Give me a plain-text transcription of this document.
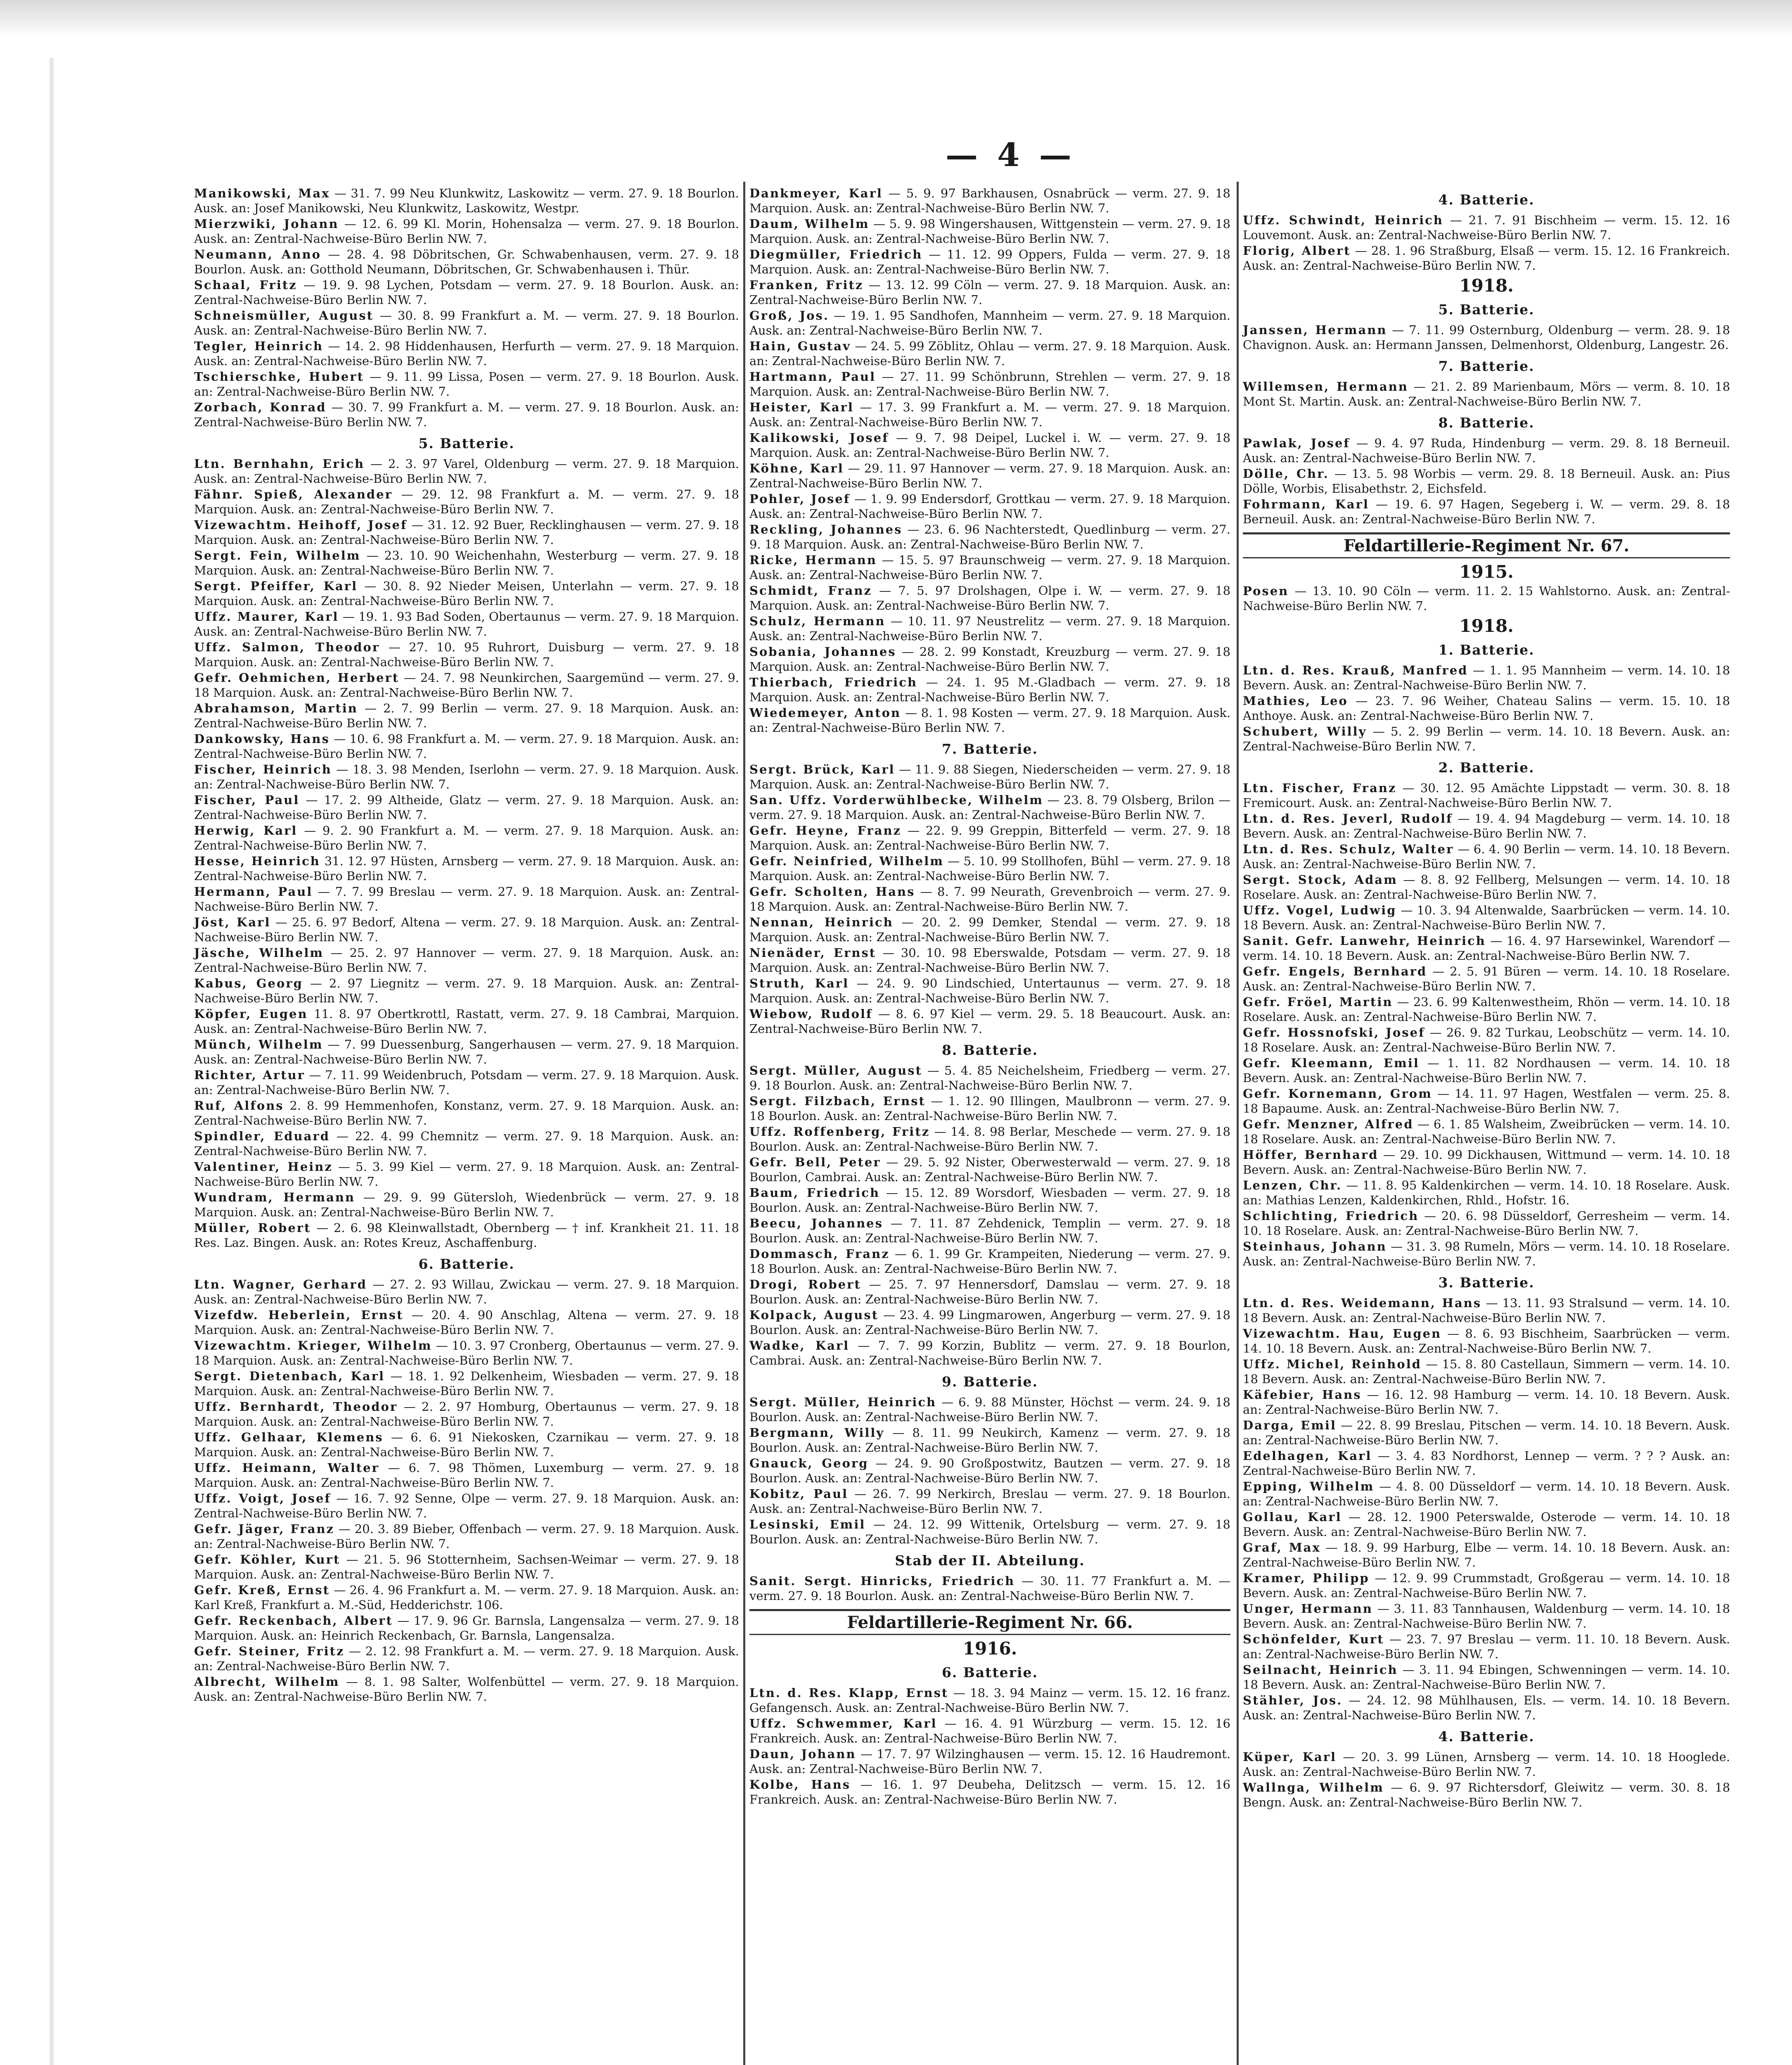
— 4 —
Manikowski, Max — 31. 7. 99 Neu Klunkwitz, Laskowitz — verm. 27. 9. 18 Bourlon. Ausk. an: Josef Manikowski, Neu Klunkwitz, Laskowitz, Westpr.
Mierzwiki, Johann — 12. 6. 99 Kl. Morin, Hohensalza — verm. 27. 9. 18 Bourlon. Ausk. an: Zentral-Nachweise-Büro Berlin NW. 7.
Neumann, Anno — 28. 4. 98 Döbritschen, Gr. Schwabenhausen, verm. 27. 9. 18 Bourlon. Ausk. an: Gotthold Neumann, Döbritschen, Gr. Schwabenhausen i. Thür.
Schaal, Fritz — 19. 9. 98 Lychen, Potsdam — verm. 27. 9. 18 Bourlon. Ausk. an: Zentral-Nachweise-Büro Berlin NW. 7.
Schneismüller, August — 30. 8. 99 Frankfurt a. M. — verm. 27. 9. 18 Bourlon. Ausk. an: Zentral-Nachweise-Büro Berlin NW. 7.
Tegler, Heinrich — 14. 2. 98 Hiddenhausen, Herfurth — verm. 27. 9. 18 Marquion. Ausk. an: Zentral-Nachweise-Büro Berlin NW. 7.
Tschierschke, Hubert — 9. 11. 99 Lissa, Posen — verm. 27. 9. 18 Bourlon. Ausk. an: Zentral-Nachweise-Büro Berlin NW. 7.
Zorbach, Konrad — 30. 7. 99 Frankfurt a. M. — verm. 27. 9. 18 Bourlon. Ausk. an: Zentral-Nachweise-Büro Berlin NW. 7.
5. Batterie.
Ltn. Bernhahn, Erich — 2. 3. 97 Varel, Oldenburg — verm. 27. 9. 18 Marquion. Ausk. an: Zentral-Nachweise-Büro Berlin NW. 7.
Fähnr. Spieß, Alexander — 29. 12. 98 Frankfurt a. M. — verm. 27. 9. 18 Marquion. Ausk. an: Zentral-Nachweise-Büro Berlin NW. 7.
Vizewachtm. Heihoff, Josef — 31. 12. 92 Buer, Recklinghausen — verm. 27. 9. 18 Marquion. Ausk. an: Zentral-Nachweise-Büro Berlin NW. 7.
Sergt. Fein, Wilhelm — 23. 10. 90 Weichenhahn, Westerburg — verm. 27. 9. 18 Marquion. Ausk. an: Zentral-Nachweise-Büro Berlin NW. 7.
Sergt. Pfeiffer, Karl — 30. 8. 92 Nieder Meisen, Unterlahn — verm. 27. 9. 18 Marquion. Ausk. an: Zentral-Nachweise-Büro Berlin NW. 7.
Uffz. Maurer, Karl — 19. 1. 93 Bad Soden, Obertaunus — verm. 27. 9. 18 Marquion. Ausk. an: Zentral-Nachweise-Büro Berlin NW. 7.
Uffz. Salmon, Theodor — 27. 10. 95 Ruhrort, Duisburg — verm. 27. 9. 18 Marquion. Ausk. an: Zentral-Nachweise-Büro Berlin NW. 7.
Gefr. Oehmichen, Herbert — 24. 7. 98 Neunkirchen, Saargemünd — verm. 27. 9. 18 Marquion. Ausk. an: Zentral-Nachweise-Büro Berlin NW. 7.
Abrahamson, Martin — 2. 7. 99 Berlin — verm. 27. 9. 18 Marquion. Ausk. an: Zentral-Nachweise-Büro Berlin NW. 7.
Dankowsky, Hans — 10. 6. 98 Frankfurt a. M. — verm. 27. 9. 18 Marquion. Ausk. an: Zentral-Nachweise-Büro Berlin NW. 7.
Fischer, Heinrich — 18. 3. 98 Menden, Iserlohn — verm. 27. 9. 18 Marquion. Ausk. an: Zentral-Nachweise-Büro Berlin NW. 7.
Fischer, Paul — 17. 2. 99 Altheide, Glatz — verm. 27. 9. 18 Marquion. Ausk. an: Zentral-Nachweise-Büro Berlin NW. 7.
Herwig, Karl — 9. 2. 90 Frankfurt a. M. — verm. 27. 9. 18 Marquion. Ausk. an: Zentral-Nachweise-Büro Berlin NW. 7.
Hesse, Heinrich 31. 12. 97 Hüsten, Arnsberg — verm. 27. 9. 18 Marquion. Ausk. an: Zentral-Nachweise-Büro Berlin NW. 7.
Hermann, Paul — 7. 7. 99 Breslau — verm. 27. 9. 18 Marquion. Ausk. an: Zentral-Nachweise-Büro Berlin NW. 7.
Jöst, Karl — 25. 6. 97 Bedorf, Altena — verm. 27. 9. 18 Marquion. Ausk. an: Zentral-Nachweise-Büro Berlin NW. 7.
Jäsche, Wilhelm — 25. 2. 97 Hannover — verm. 27. 9. 18 Marquion. Ausk. an: Zentral-Nachweise-Büro Berlin NW. 7.
Kabus, Georg — 2. 97 Liegnitz — verm. 27. 9. 18 Marquion. Ausk. an: Zentral-Nachweise-Büro Berlin NW. 7.
Köpfer, Eugen 11. 8. 97 Obertkrottl, Rastatt, verm. 27. 9. 18 Cambrai, Marquion. Ausk. an: Zentral-Nachweise-Büro Berlin NW. 7.
Münch, Wilhelm — 7. 99 Duessenburg, Sangerhausen — verm. 27. 9. 18 Marquion. Ausk. an: Zentral-Nachweise-Büro Berlin NW. 7.
Richter, Artur — 7. 11. 99 Weidenbruch, Potsdam — verm. 27. 9. 18 Marquion. Ausk. an: Zentral-Nachweise-Büro Berlin NW. 7.
Ruf, Alfons 2. 8. 99 Hemmenhofen, Konstanz, verm. 27. 9. 18 Marquion. Ausk. an: Zentral-Nachweise-Büro Berlin NW. 7.
Spindler, Eduard — 22. 4. 99 Chemnitz — verm. 27. 9. 18 Marquion. Ausk. an: Zentral-Nachweise-Büro Berlin NW. 7.
Valentiner, Heinz — 5. 3. 99 Kiel — verm. 27. 9. 18 Marquion. Ausk. an: Zentral-Nachweise-Büro Berlin NW. 7.
Wundram, Hermann — 29. 9. 99 Gütersloh, Wiedenbrück — verm. 27. 9. 18 Marquion. Ausk. an: Zentral-Nachweise-Büro Berlin NW. 7.
Müller, Robert — 2. 6. 98 Kleinwallstadt, Obernberg — † inf. Krankheit 21. 11. 18 Res. Laz. Bingen. Ausk. an: Rotes Kreuz, Aschaffenburg.
6. Batterie.
Ltn. Wagner, Gerhard — 27. 2. 93 Willau, Zwickau — verm. 27. 9. 18 Marquion. Ausk. an: Zentral-Nachweise-Büro Berlin NW. 7.
Vizefdw. Heberlein, Ernst — 20. 4. 90 Anschlag, Altena — verm. 27. 9. 18 Marquion. Ausk. an: Zentral-Nachweise-Büro Berlin NW. 7.
Vizewachtm. Krieger, Wilhelm — 10. 3. 97 Cronberg, Obertaunus — verm. 27. 9. 18 Marquion. Ausk. an: Zentral-Nachweise-Büro Berlin NW. 7.
Sergt. Dietenbach, Karl — 18. 1. 92 Delkenheim, Wiesbaden — verm. 27. 9. 18 Marquion. Ausk. an: Zentral-Nachweise-Büro Berlin NW. 7.
Uffz. Bernhardt, Theodor — 2. 2. 97 Homburg, Obertaunus — verm. 27. 9. 18 Marquion. Ausk. an: Zentral-Nachweise-Büro Berlin NW. 7.
Uffz. Gelhaar, Klemens — 6. 6. 91 Niekosken, Czarnikau — verm. 27. 9. 18 Marquion. Ausk. an: Zentral-Nachweise-Büro Berlin NW. 7.
Uffz. Heimann, Walter — 6. 7. 98 Thömen, Luxemburg — verm. 27. 9. 18 Marquion. Ausk. an: Zentral-Nachweise-Büro Berlin NW. 7.
Uffz. Voigt, Josef — 16. 7. 92 Senne, Olpe — verm. 27. 9. 18 Marquion. Ausk. an: Zentral-Nachweise-Büro Berlin NW. 7.
Gefr. Jäger, Franz — 20. 3. 89 Bieber, Offenbach — verm. 27. 9. 18 Marquion. Ausk. an: Zentral-Nachweise-Büro Berlin NW. 7.
Gefr. Köhler, Kurt — 21. 5. 96 Stotternheim, Sachsen-Weimar — verm. 27. 9. 18 Marquion. Ausk. an: Zentral-Nachweise-Büro Berlin NW. 7.
Gefr. Kreß, Ernst — 26. 4. 96 Frankfurt a. M. — verm. 27. 9. 18 Marquion. Ausk. an: Karl Kreß, Frankfurt a. M.-Süd, Hedderichstr. 106.
Gefr. Reckenbach, Albert — 17. 9. 96 Gr. Barnsla, Langensalza — verm. 27. 9. 18 Marquion. Ausk. an: Heinrich Reckenbach, Gr. Barnsla, Langensalza.
Gefr. Steiner, Fritz — 2. 12. 98 Frankfurt a. M. — verm. 27. 9. 18 Marquion. Ausk. an: Zentral-Nachweise-Büro Berlin NW. 7.
Albrecht, Wilhelm — 8. 1. 98 Salter, Wolfenbüttel — verm. 27. 9. 18 Marquion. Ausk. an: Zentral-Nachweise-Büro Berlin NW. 7.
Dankmeyer, Karl — 5. 9. 97 Barkhausen, Osnabrück — verm. 27. 9. 18 Marquion. Ausk. an: Zentral-Nachweise-Büro Berlin NW. 7.
Daum, Wilhelm — 5. 9. 98 Wingershausen, Wittgenstein — verm. 27. 9. 18 Marquion. Ausk. an: Zentral-Nachweise-Büro Berlin NW. 7.
Diegmüller, Friedrich — 11. 12. 99 Oppers, Fulda — verm. 27. 9. 18 Marquion. Ausk. an: Zentral-Nachweise-Büro Berlin NW. 7.
Franken, Fritz — 13. 12. 99 Cöln — verm. 27. 9. 18 Marquion. Ausk. an: Zentral-Nachweise-Büro Berlin NW. 7.
Groß, Jos. — 19. 1. 95 Sandhofen, Mannheim — verm. 27. 9. 18 Marquion. Ausk. an: Zentral-Nachweise-Büro Berlin NW. 7.
Hain, Gustav — 24. 5. 99 Zöblitz, Ohlau — verm. 27. 9. 18 Marquion. Ausk. an: Zentral-Nachweise-Büro Berlin NW. 7.
Hartmann, Paul — 27. 11. 99 Schönbrunn, Strehlen — verm. 27. 9. 18 Marquion. Ausk. an: Zentral-Nachweise-Büro Berlin NW. 7.
Heister, Karl — 17. 3. 99 Frankfurt a. M. — verm. 27. 9. 18 Marquion. Ausk. an: Zentral-Nachweise-Büro Berlin NW. 7.
Kalikowski, Josef — 9. 7. 98 Deipel, Luckel i. W. — verm. 27. 9. 18 Marquion. Ausk. an: Zentral-Nachweise-Büro Berlin NW. 7.
Köhne, Karl — 29. 11. 97 Hannover — verm. 27. 9. 18 Marquion. Ausk. an: Zentral-Nachweise-Büro Berlin NW. 7.
Pohler, Josef — 1. 9. 99 Endersdorf, Grottkau — verm. 27. 9. 18 Marquion. Ausk. an: Zentral-Nachweise-Büro Berlin NW. 7.
Reckling, Johannes — 23. 6. 96 Nachterstedt, Quedlinburg — verm. 27. 9. 18 Marquion. Ausk. an: Zentral-Nachweise-Büro Berlin NW. 7.
Ricke, Hermann — 15. 5. 97 Braunschweig — verm. 27. 9. 18 Marquion. Ausk. an: Zentral-Nachweise-Büro Berlin NW. 7.
Schmidt, Franz — 7. 5. 97 Drolshagen, Olpe i. W. — verm. 27. 9. 18 Marquion. Ausk. an: Zentral-Nachweise-Büro Berlin NW. 7.
Schulz, Hermann — 10. 11. 97 Neustrelitz — verm. 27. 9. 18 Marquion. Ausk. an: Zentral-Nachweise-Büro Berlin NW. 7.
Sobania, Johannes — 28. 2. 99 Konstadt, Kreuzburg — verm. 27. 9. 18 Marquion. Ausk. an: Zentral-Nachweise-Büro Berlin NW. 7.
Thierbach, Friedrich — 24. 1. 95 M.-Gladbach — verm. 27. 9. 18 Marquion. Ausk. an: Zentral-Nachweise-Büro Berlin NW. 7.
Wiedemeyer, Anton — 8. 1. 98 Kosten — verm. 27. 9. 18 Marquion. Ausk. an: Zentral-Nachweise-Büro Berlin NW. 7.
7. Batterie.
Sergt. Brück, Karl — 11. 9. 88 Siegen, Niederscheiden — verm. 27. 9. 18 Marquion. Ausk. an: Zentral-Nachweise-Büro Berlin NW. 7.
San. Uffz. Vorderwühlbecke, Wilhelm — 23. 8. 79 Olsberg, Brilon — verm. 27. 9. 18 Marquion. Ausk. an: Zentral-Nachweise-Büro Berlin NW. 7.
Gefr. Heyne, Franz — 22. 9. 99 Greppin, Bitterfeld — verm. 27. 9. 18 Marquion. Ausk. an: Zentral-Nachweise-Büro Berlin NW. 7.
Gefr. Neinfried, Wilhelm — 5. 10. 99 Stollhofen, Bühl — verm. 27. 9. 18 Marquion. Ausk. an: Zentral-Nachweise-Büro Berlin NW. 7.
Gefr. Scholten, Hans — 8. 7. 99 Neurath, Grevenbroich — verm. 27. 9. 18 Marquion. Ausk. an: Zentral-Nachweise-Büro Berlin NW. 7.
Nennan, Heinrich — 20. 2. 99 Demker, Stendal — verm. 27. 9. 18 Marquion. Ausk. an: Zentral-Nachweise-Büro Berlin NW. 7.
Nienäder, Ernst — 30. 10. 98 Eberswalde, Potsdam — verm. 27. 9. 18 Marquion. Ausk. an: Zentral-Nachweise-Büro Berlin NW. 7.
Struth, Karl — 24. 9. 90 Lindschied, Untertaunus — verm. 27. 9. 18 Marquion. Ausk. an: Zentral-Nachweise-Büro Berlin NW. 7.
Wiebow, Rudolf — 8. 6. 97 Kiel — verm. 29. 5. 18 Beaucourt. Ausk. an: Zentral-Nachweise-Büro Berlin NW. 7.
8. Batterie.
Sergt. Müller, August — 5. 4. 85 Neichelsheim, Friedberg — verm. 27. 9. 18 Bourlon. Ausk. an: Zentral-Nachweise-Büro Berlin NW. 7.
Sergt. Filzbach, Ernst — 1. 12. 90 Illingen, Maulbronn — verm. 27. 9. 18 Bourlon. Ausk. an: Zentral-Nachweise-Büro Berlin NW. 7.
Uffz. Roffenberg, Fritz — 14. 8. 98 Berlar, Meschede — verm. 27. 9. 18 Bourlon. Ausk. an: Zentral-Nachweise-Büro Berlin NW. 7.
Gefr. Bell, Peter — 29. 5. 92 Nister, Oberwesterwald — verm. 27. 9. 18 Bourlon, Cambrai. Ausk. an: Zentral-Nachweise-Büro Berlin NW. 7.
Baum, Friedrich — 15. 12. 89 Worsdorf, Wiesbaden — verm. 27. 9. 18 Bourlon. Ausk. an: Zentral-Nachweise-Büro Berlin NW. 7.
Beecu, Johannes — 7. 11. 87 Zehdenick, Templin — verm. 27. 9. 18 Bourlon. Ausk. an: Zentral-Nachweise-Büro Berlin NW. 7.
Dommasch, Franz — 6. 1. 99 Gr. Krampeiten, Niederung — verm. 27. 9. 18 Bourlon. Ausk. an: Zentral-Nachweise-Büro Berlin NW. 7.
Drogi, Robert — 25. 7. 97 Hennersdorf, Damslau — verm. 27. 9. 18 Bourlon. Ausk. an: Zentral-Nachweise-Büro Berlin NW. 7.
Kolpack, August — 23. 4. 99 Lingmarowen, Angerburg — verm. 27. 9. 18 Bourlon. Ausk. an: Zentral-Nachweise-Büro Berlin NW. 7.
Wadke, Karl — 7. 7. 99 Korzin, Bublitz — verm. 27. 9. 18 Bourlon, Cambrai. Ausk. an: Zentral-Nachweise-Büro Berlin NW. 7.
9. Batterie.
Sergt. Müller, Heinrich — 6. 9. 88 Münster, Höchst — verm. 24. 9. 18 Bourlon. Ausk. an: Zentral-Nachweise-Büro Berlin NW. 7.
Bergmann, Willy — 8. 11. 99 Neukirch, Kamenz — verm. 27. 9. 18 Bourlon. Ausk. an: Zentral-Nachweise-Büro Berlin NW. 7.
Gnauck, Georg — 24. 9. 90 Großpostwitz, Bautzen — verm. 27. 9. 18 Bourlon. Ausk. an: Zentral-Nachweise-Büro Berlin NW. 7.
Kobitz, Paul — 26. 7. 99 Nerkirch, Breslau — verm. 27. 9. 18 Bourlon. Ausk. an: Zentral-Nachweise-Büro Berlin NW. 7.
Lesinski, Emil — 24. 12. 99 Wittenik, Ortelsburg — verm. 27. 9. 18 Bourlon. Ausk. an: Zentral-Nachweise-Büro Berlin NW. 7.
Stab der II. Abteilung.
Sanit. Sergt. Hinricks, Friedrich — 30. 11. 77 Frankfurt a. M. — verm. 27. 9. 18 Bourlon. Ausk. an: Zentral-Nachweise-Büro Berlin NW. 7.
Feldartillerie-Regiment Nr. 66.
1916.
6. Batterie.
Ltn. d. Res. Klapp, Ernst — 18. 3. 94 Mainz — verm. 15. 12. 16 franz. Gefangensch. Ausk. an: Zentral-Nachweise-Büro Berlin NW. 7.
Uffz. Schwemmer, Karl — 16. 4. 91 Würzburg — verm. 15. 12. 16 Frankreich. Ausk. an: Zentral-Nachweise-Büro Berlin NW. 7.
Daun, Johann — 17. 7. 97 Wilzinghausen — verm. 15. 12. 16 Haudremont. Ausk. an: Zentral-Nachweise-Büro Berlin NW. 7.
Kolbe, Hans — 16. 1. 97 Deubeha, Delitzsch — verm. 15. 12. 16 Frankreich. Ausk. an: Zentral-Nachweise-Büro Berlin NW. 7.
4. Batterie.
Uffz. Schwindt, Heinrich — 21. 7. 91 Bischheim — verm. 15. 12. 16 Louvemont. Ausk. an: Zentral-Nachweise-Büro Berlin NW. 7.
Florig, Albert — 28. 1. 96 Straßburg, Elsaß — verm. 15. 12. 16 Frankreich. Ausk. an: Zentral-Nachweise-Büro Berlin NW. 7.
1918.
5. Batterie.
Janssen, Hermann — 7. 11. 99 Osternburg, Oldenburg — verm. 28. 9. 18 Chavignon. Ausk. an: Hermann Janssen, Delmenhorst, Oldenburg, Langestr. 26.
7. Batterie.
Willemsen, Hermann — 21. 2. 89 Marienbaum, Mörs — verm. 8. 10. 18 Mont St. Martin. Ausk. an: Zentral-Nachweise-Büro Berlin NW. 7.
8. Batterie.
Pawlak, Josef — 9. 4. 97 Ruda, Hindenburg — verm. 29. 8. 18 Berneuil. Ausk. an: Zentral-Nachweise-Büro Berlin NW. 7.
Dölle, Chr. — 13. 5. 98 Worbis — verm. 29. 8. 18 Berneuil. Ausk. an: Pius Dölle, Worbis, Elisabethstr. 2, Eichsfeld.
Fohrmann, Karl — 19. 6. 97 Hagen, Segeberg i. W. — verm. 29. 8. 18 Berneuil. Ausk. an: Zentral-Nachweise-Büro Berlin NW. 7.
Feldartillerie-Regiment Nr. 67.
1915.
Posen — 13. 10. 90 Cöln — verm. 11. 2. 15 Wahlstorno. Ausk. an: Zentral-Nachweise-Büro Berlin NW. 7.
1918.
1. Batterie.
Ltn. d. Res. Krauß, Manfred — 1. 1. 95 Mannheim — verm. 14. 10. 18 Bevern. Ausk. an: Zentral-Nachweise-Büro Berlin NW. 7.
Mathies, Leo — 23. 7. 96 Weiher, Chateau Salins — verm. 15. 10. 18 Anthoye. Ausk. an: Zentral-Nachweise-Büro Berlin NW. 7.
Schubert, Willy — 5. 2. 99 Berlin — verm. 14. 10. 18 Bevern. Ausk. an: Zentral-Nachweise-Büro Berlin NW. 7.
2. Batterie.
Ltn. Fischer, Franz — 30. 12. 95 Amächte Lippstadt — verm. 30. 8. 18 Fremicourt. Ausk. an: Zentral-Nachweise-Büro Berlin NW. 7.
Ltn. d. Res. Jeverl, Rudolf — 19. 4. 94 Magdeburg — verm. 14. 10. 18 Bevern. Ausk. an: Zentral-Nachweise-Büro Berlin NW. 7.
Ltn. d. Res. Schulz, Walter — 6. 4. 90 Berlin — verm. 14. 10. 18 Bevern. Ausk. an: Zentral-Nachweise-Büro Berlin NW. 7.
Sergt. Stock, Adam — 8. 8. 92 Fellberg, Melsungen — verm. 14. 10. 18 Roselare. Ausk. an: Zentral-Nachweise-Büro Berlin NW. 7.
Uffz. Vogel, Ludwig — 10. 3. 94 Altenwalde, Saarbrücken — verm. 14. 10. 18 Bevern. Ausk. an: Zentral-Nachweise-Büro Berlin NW. 7.
Sanit. Gefr. Lanwehr, Heinrich — 16. 4. 97 Harsewinkel, Warendorf — verm. 14. 10. 18 Bevern. Ausk. an: Zentral-Nachweise-Büro Berlin NW. 7.
Gefr. Engels, Bernhard — 2. 5. 91 Büren — verm. 14. 10. 18 Roselare. Ausk. an: Zentral-Nachweise-Büro Berlin NW. 7.
Gefr. Fröel, Martin — 23. 6. 99 Kaltenwestheim, Rhön — verm. 14. 10. 18 Roselare. Ausk. an: Zentral-Nachweise-Büro Berlin NW. 7.
Gefr. Hossnofski, Josef — 26. 9. 82 Turkau, Leobschütz — verm. 14. 10. 18 Roselare. Ausk. an: Zentral-Nachweise-Büro Berlin NW. 7.
Gefr. Kleemann, Emil — 1. 11. 82 Nordhausen — verm. 14. 10. 18 Bevern. Ausk. an: Zentral-Nachweise-Büro Berlin NW. 7.
Gefr. Kornemann, Grom — 14. 11. 97 Hagen, Westfalen — verm. 25. 8. 18 Bapaume. Ausk. an: Zentral-Nachweise-Büro Berlin NW. 7.
Gefr. Menzner, Alfred — 6. 1. 85 Walsheim, Zweibrücken — verm. 14. 10. 18 Roselare. Ausk. an: Zentral-Nachweise-Büro Berlin NW. 7.
Höffer, Bernhard — 29. 10. 99 Dickhausen, Wittmund — verm. 14. 10. 18 Bevern. Ausk. an: Zentral-Nachweise-Büro Berlin NW. 7.
Lenzen, Chr. — 11. 8. 95 Kaldenkirchen — verm. 14. 10. 18 Roselare. Ausk. an: Mathias Lenzen, Kaldenkirchen, Rhld., Hofstr. 16.
Schlichting, Friedrich — 20. 6. 98 Düsseldorf, Gerresheim — verm. 14. 10. 18 Roselare. Ausk. an: Zentral-Nachweise-Büro Berlin NW. 7.
Steinhaus, Johann — 31. 3. 98 Rumeln, Mörs — verm. 14. 10. 18 Roselare. Ausk. an: Zentral-Nachweise-Büro Berlin NW. 7.
3. Batterie.
Ltn. d. Res. Weidemann, Hans — 13. 11. 93 Stralsund — verm. 14. 10. 18 Bevern. Ausk. an: Zentral-Nachweise-Büro Berlin NW. 7.
Vizewachtm. Hau, Eugen — 8. 6. 93 Bischheim, Saarbrücken — verm. 14. 10. 18 Bevern. Ausk. an: Zentral-Nachweise-Büro Berlin NW. 7.
Uffz. Michel, Reinhold — 15. 8. 80 Castellaun, Simmern — verm. 14. 10. 18 Bevern. Ausk. an: Zentral-Nachweise-Büro Berlin NW. 7.
Käfebier, Hans — 16. 12. 98 Hamburg — verm. 14. 10. 18 Bevern. Ausk. an: Zentral-Nachweise-Büro Berlin NW. 7.
Darga, Emil — 22. 8. 99 Breslau, Pitschen — verm. 14. 10. 18 Bevern. Ausk. an: Zentral-Nachweise-Büro Berlin NW. 7.
Edelhagen, Karl — 3. 4. 83 Nordhorst, Lennep — verm. ? ? ? Ausk. an: Zentral-Nachweise-Büro Berlin NW. 7.
Epping, Wilhelm — 4. 8. 00 Düsseldorf — verm. 14. 10. 18 Bevern. Ausk. an: Zentral-Nachweise-Büro Berlin NW. 7.
Gollau, Karl — 28. 12. 1900 Peterswalde, Osterode — verm. 14. 10. 18 Bevern. Ausk. an: Zentral-Nachweise-Büro Berlin NW. 7.
Graf, Max — 18. 9. 99 Harburg, Elbe — verm. 14. 10. 18 Bevern. Ausk. an: Zentral-Nachweise-Büro Berlin NW. 7.
Kramer, Philipp — 12. 9. 99 Crummstadt, Großgerau — verm. 14. 10. 18 Bevern. Ausk. an: Zentral-Nachweise-Büro Berlin NW. 7.
Unger, Hermann — 3. 11. 83 Tannhausen, Waldenburg — verm. 14. 10. 18 Bevern. Ausk. an: Zentral-Nachweise-Büro Berlin NW. 7.
Schönfelder, Kurt — 23. 7. 97 Breslau — verm. 11. 10. 18 Bevern. Ausk. an: Zentral-Nachweise-Büro Berlin NW. 7.
Seilnacht, Heinrich — 3. 11. 94 Ebingen, Schwenningen — verm. 14. 10. 18 Bevern. Ausk. an: Zentral-Nachweise-Büro Berlin NW. 7.
Stähler, Jos. — 24. 12. 98 Mühlhausen, Els. — verm. 14. 10. 18 Bevern. Ausk. an: Zentral-Nachweise-Büro Berlin NW. 7.
4. Batterie.
Küper, Karl — 20. 3. 99 Lünen, Arnsberg — verm. 14. 10. 18 Hooglede. Ausk. an: Zentral-Nachweise-Büro Berlin NW. 7.
Wallnga, Wilhelm — 6. 9. 97 Richtersdorf, Gleiwitz — verm. 30. 8. 18 Bengn. Ausk. an: Zentral-Nachweise-Büro Berlin NW. 7.
